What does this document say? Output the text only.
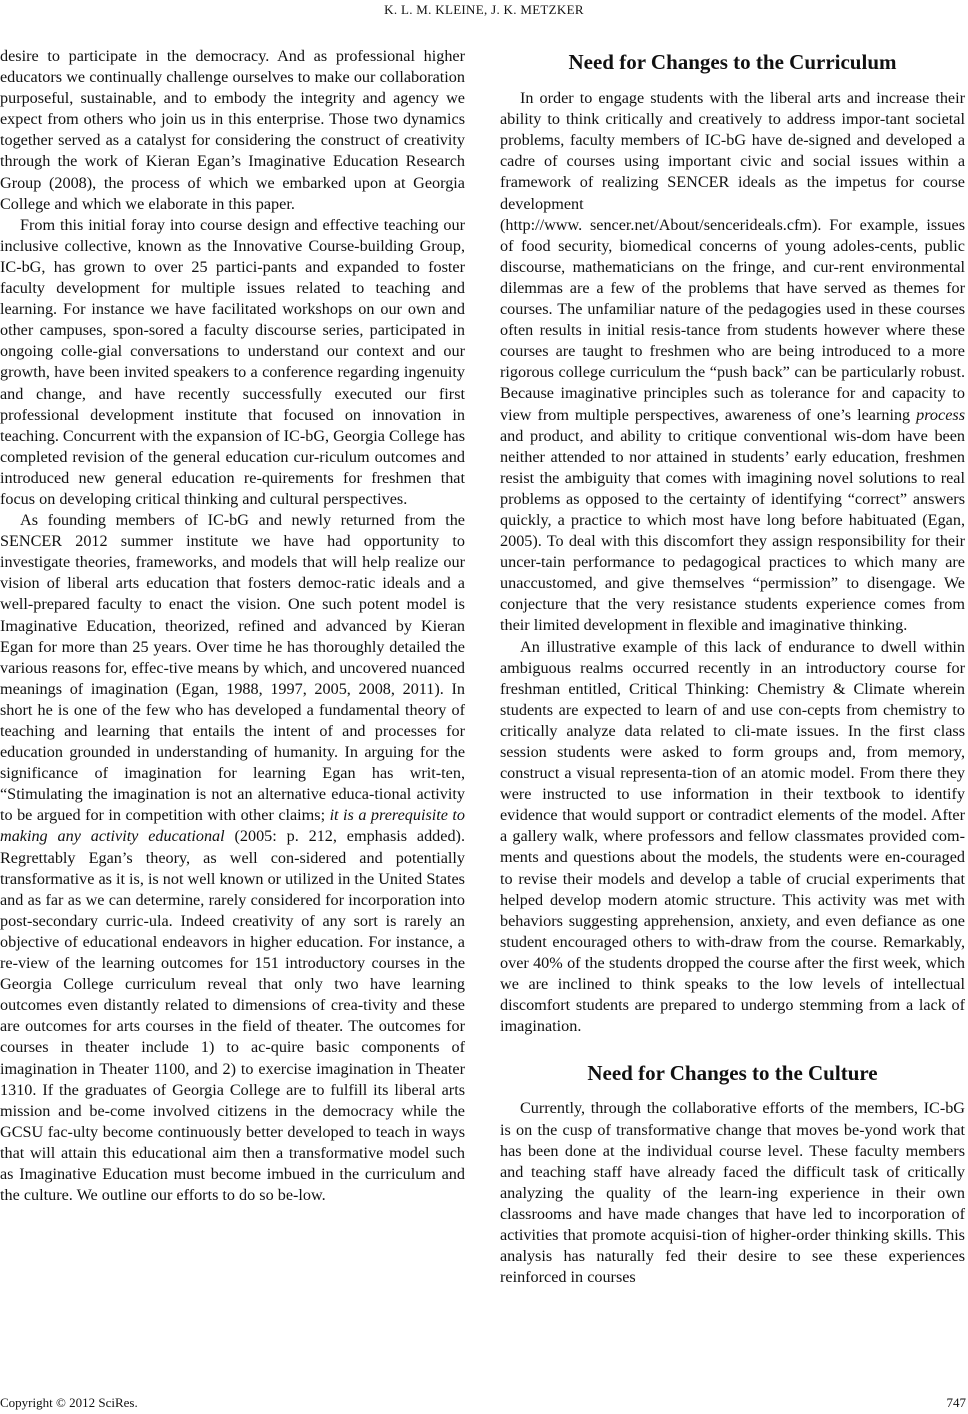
K. L. M. KLEINE, J. K. METZKER

desire to participate in the democracy. And as professional higher educators we continually challenge ourselves to make our collaboration purposeful, sustainable, and to embody the integrity and agency we expect from others who join us in this enterprise. Those two dynamics together served as a catalyst for considering the construct of creativity through the work of Kieran Egan’s Imaginative Education Research Group (2008), the process of which we embarked upon at Georgia College and which we elaborate in this paper.

From this initial foray into course design and effective teaching our inclusive collective, known as the Innovative Course-building Group, IC-bG, has grown to over 25 partici-pants and expanded to foster faculty development for multiple issues related to teaching and learning. For instance we have facilitated workshops on our own and other campuses, spon-sored a faculty discourse series, participated in ongoing colle-gial conversations to understand our context and our growth, have been invited speakers to a conference regarding ingenuity and change, and have recently successfully executed our first professional development institute that focused on innovation in teaching. Concurrent with the expansion of IC-bG, Georgia College has completed revision of the general education cur-riculum outcomes and introduced new general education re-quirements for freshmen that focus on developing critical thinking and cultural perspectives.

As founding members of IC-bG and newly returned from the SENCER 2012 summer institute we have had opportunity to investigate theories, frameworks, and models that will help realize our vision of liberal arts education that fosters democ-ratic ideals and a well-prepared faculty to enact the vision. One such potent model is Imaginative Education, theorized, refined and advanced by Kieran Egan for more than 25 years. Over time he has thoroughly detailed the various reasons for, effec-tive means by which, and uncovered nuanced meanings of imagination (Egan, 1988, 1997, 2005, 2008, 2011). In short he is one of the few who has developed a fundamental theory of teaching and learning that entails the intent of and processes for education grounded in understanding of humanity. In arguing for the significance of imagination for learning Egan has writ-ten, “Stimulating the imagination is not an alternative educa-tional activity to be argued for in competition with other claims; it is a prerequisite to making any activity educational (2005: p. 212, emphasis added). Regrettably Egan’s theory, as well con-sidered and potentially transformative as it is, is not well known or utilized in the United States and as far as we can determine, rarely considered for incorporation into post-secondary curric-ula. Indeed creativity of any sort is rarely an objective of educational endeavors in higher education. For instance, a re-view of the learning outcomes for 151 introductory courses in the Georgia College curriculum reveal that only two have learning outcomes even distantly related to dimensions of crea-tivity and these are outcomes for arts courses in the field of theater. The outcomes for courses in theater include 1) to ac-quire basic components of imagination in Theater 1100, and 2) to exercise imagination in Theater 1310. If the graduates of Georgia College are to fulfill its liberal arts mission and be-come involved citizens in the democracy while the GCSU fac-ulty become continuously better developed to teach in ways that will attain this educational aim then a transformative model such as Imaginative Education must become imbued in the curriculum and the culture. We outline our efforts to do so be-low.

Need for Changes to the Curriculum

In order to engage students with the liberal arts and increase their ability to think critically and creatively to address impor-tant societal problems, faculty members of IC-bG have de-signed and developed a cadre of courses using important civic and social issues within a framework of realizing SENCER ideals as the impetus for course development
(http://www. sencer.net/About/sencerideals.cfm). For example, issues of food security, biomedical concerns of young adoles-cents, public discourse, mathematicians on the fringe, and cur-rent environmental dilemmas are a few of the problems that have served as themes for courses. The unfamiliar nature of the pedagogies used in these courses often results in initial resis-tance from students however where these courses are taught to freshmen who are being introduced to a more rigorous college curriculum the “push back” can be particularly robust. Because imaginative principles such as tolerance for and capacity to view from multiple perspectives, awareness of one’s learning process and product, and ability to critique conventional wis-dom have been neither attended to nor attained in students’ early education, freshmen resist the ambiguity that comes with imagining novel solutions to real problems as opposed to the certainty of identifying “correct” answers quickly, a practice to which most have long before habituated (Egan, 2005). To deal with this discomfort they assign responsibility for their uncer-tain performance to pedagogical practices to which many are unaccustomed, and give themselves “permission” to disengage. We conjecture that the very resistance students experience comes from their limited development in flexible and imaginative thinking.

An illustrative example of this lack of endurance to dwell within ambiguous realms occurred recently in an introductory course for freshman entitled, Critical Thinking: Chemistry & Climate wherein students are expected to learn of and use con-cepts from chemistry to critically analyze data related to cli-mate issues. In the first class session students were asked to form groups and, from memory, construct a visual representa-tion of an atomic model. From there they were instructed to use information in their textbook to identify evidence that would support or contradict elements of the model. After a gallery walk, where professors and fellow classmates provided com-ments and questions about the models, the students were en-couraged to revise their models and develop a table of crucial experiments that helped develop modern atomic structure. This activity was met with behaviors suggesting apprehension, anxiety, and even defiance as one student encouraged others to with-draw from the course. Remarkably, over 40% of the students dropped the course after the first week, which we are inclined to think speaks to the low levels of intellectual discomfort students are prepared to undergo stemming from a lack of imagination.

Need for Changes to the Culture

Currently, through the collaborative efforts of the members, IC-bG is on the cusp of transformative change that moves be-yond work that has been done at the individual course level. These faculty members and teaching staff have already faced the difficult task of critically analyzing the quality of the learn-ing experience in their own classrooms and have made changes that have led to incorporation of activities that promote acquisi-tion of higher-order thinking skills. This analysis has naturally fed their desire to see these experiences reinforced in courses

Copyright © 2012 SciRes.	747
